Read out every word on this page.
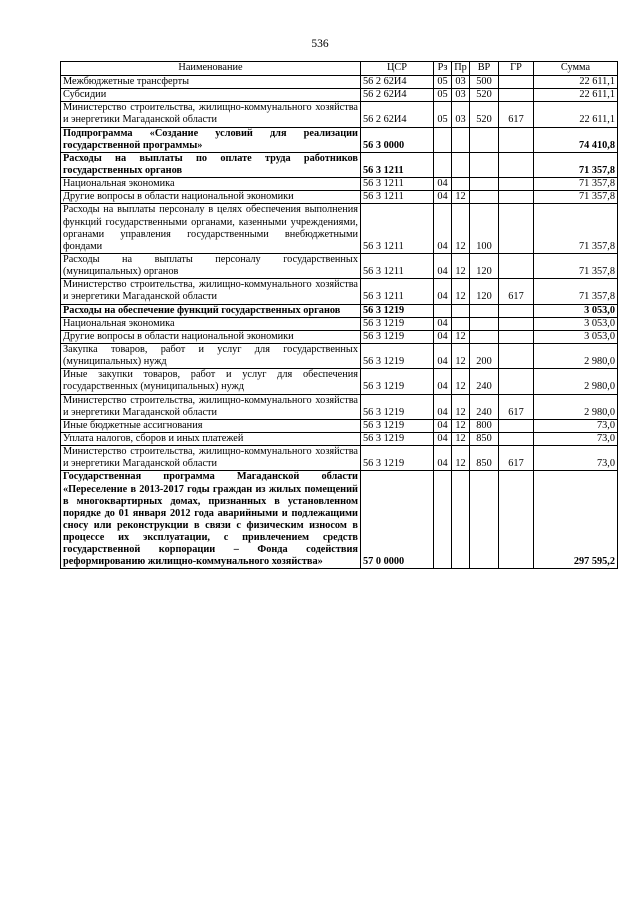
536
Наименование	ЦСР	Рз	Пр	ВР	ГР	Сумма
Межбюджетные трансферты	56 2 62И4	05	03	500		22 611,1
Субсидии	56 2 62И4	05	03	520		22 611,1
Министерство строительства, жилищно-коммунального хозяйства и энергетики Магаданской области	56 2 62И4	05	03	520	617	22 611,1
Подпрограмма «Создание условий для реализации государственной программы»	56 3 0000					74 410,8
Расходы на выплаты по оплате труда работников государственных органов	56 3 1211					71 357,8
Национальная экономика	56 3 1211	04				71 357,8
Другие вопросы в области национальной экономики	56 3 1211	04	12			71 357,8
Расходы на выплаты персоналу в целях обеспечения выполнения функций государственными органами, казенными учреждениями, органами управления государственными внебюджетными фондами	56 3 1211	04	12	100		71 357,8
Расходы на выплаты персоналу государственных (муниципальных) органов	56 3 1211	04	12	120		71 357,8
Министерство строительства, жилищно-коммунального хозяйства и энергетики Магаданской области	56 3 1211	04	12	120	617	71 357,8
Расходы на обеспечение функций государственных органов	56 3 1219					3 053,0
Национальная экономика	56 3 1219	04				3 053,0
Другие вопросы в области национальной экономики	56 3 1219	04	12			3 053,0
Закупка товаров, работ и услуг для государственных (муниципальных) нужд	56 3 1219	04	12	200		2 980,0
Иные закупки товаров, работ и услуг для обеспечения государственных (муниципальных) нужд	56 3 1219	04	12	240		2 980,0
Министерство строительства, жилищно-коммунального хозяйства и энергетики Магаданской области	56 3 1219	04	12	240	617	2 980,0
Иные бюджетные ассигнования	56 3 1219	04	12	800		73,0
Уплата налогов, сборов и иных платежей	56 3 1219	04	12	850		73,0
Министерство строительства, жилищно-коммунального хозяйства и энергетики Магаданской области	56 3 1219	04	12	850	617	73,0
Государственная программа Магаданской области «Переселение в 2013-2017 годы граждан из жилых помещений в многоквартирных домах, признанных в установленном порядке до 01 января 2012 года аварийными и подлежащими сносу или реконструкции в связи с физическим износом в процессе их эксплуатации, с привлечением средств государственной корпорации – Фонда содействия реформированию жилищно-коммунального хозяйства»	57 0 0000					297 595,2
